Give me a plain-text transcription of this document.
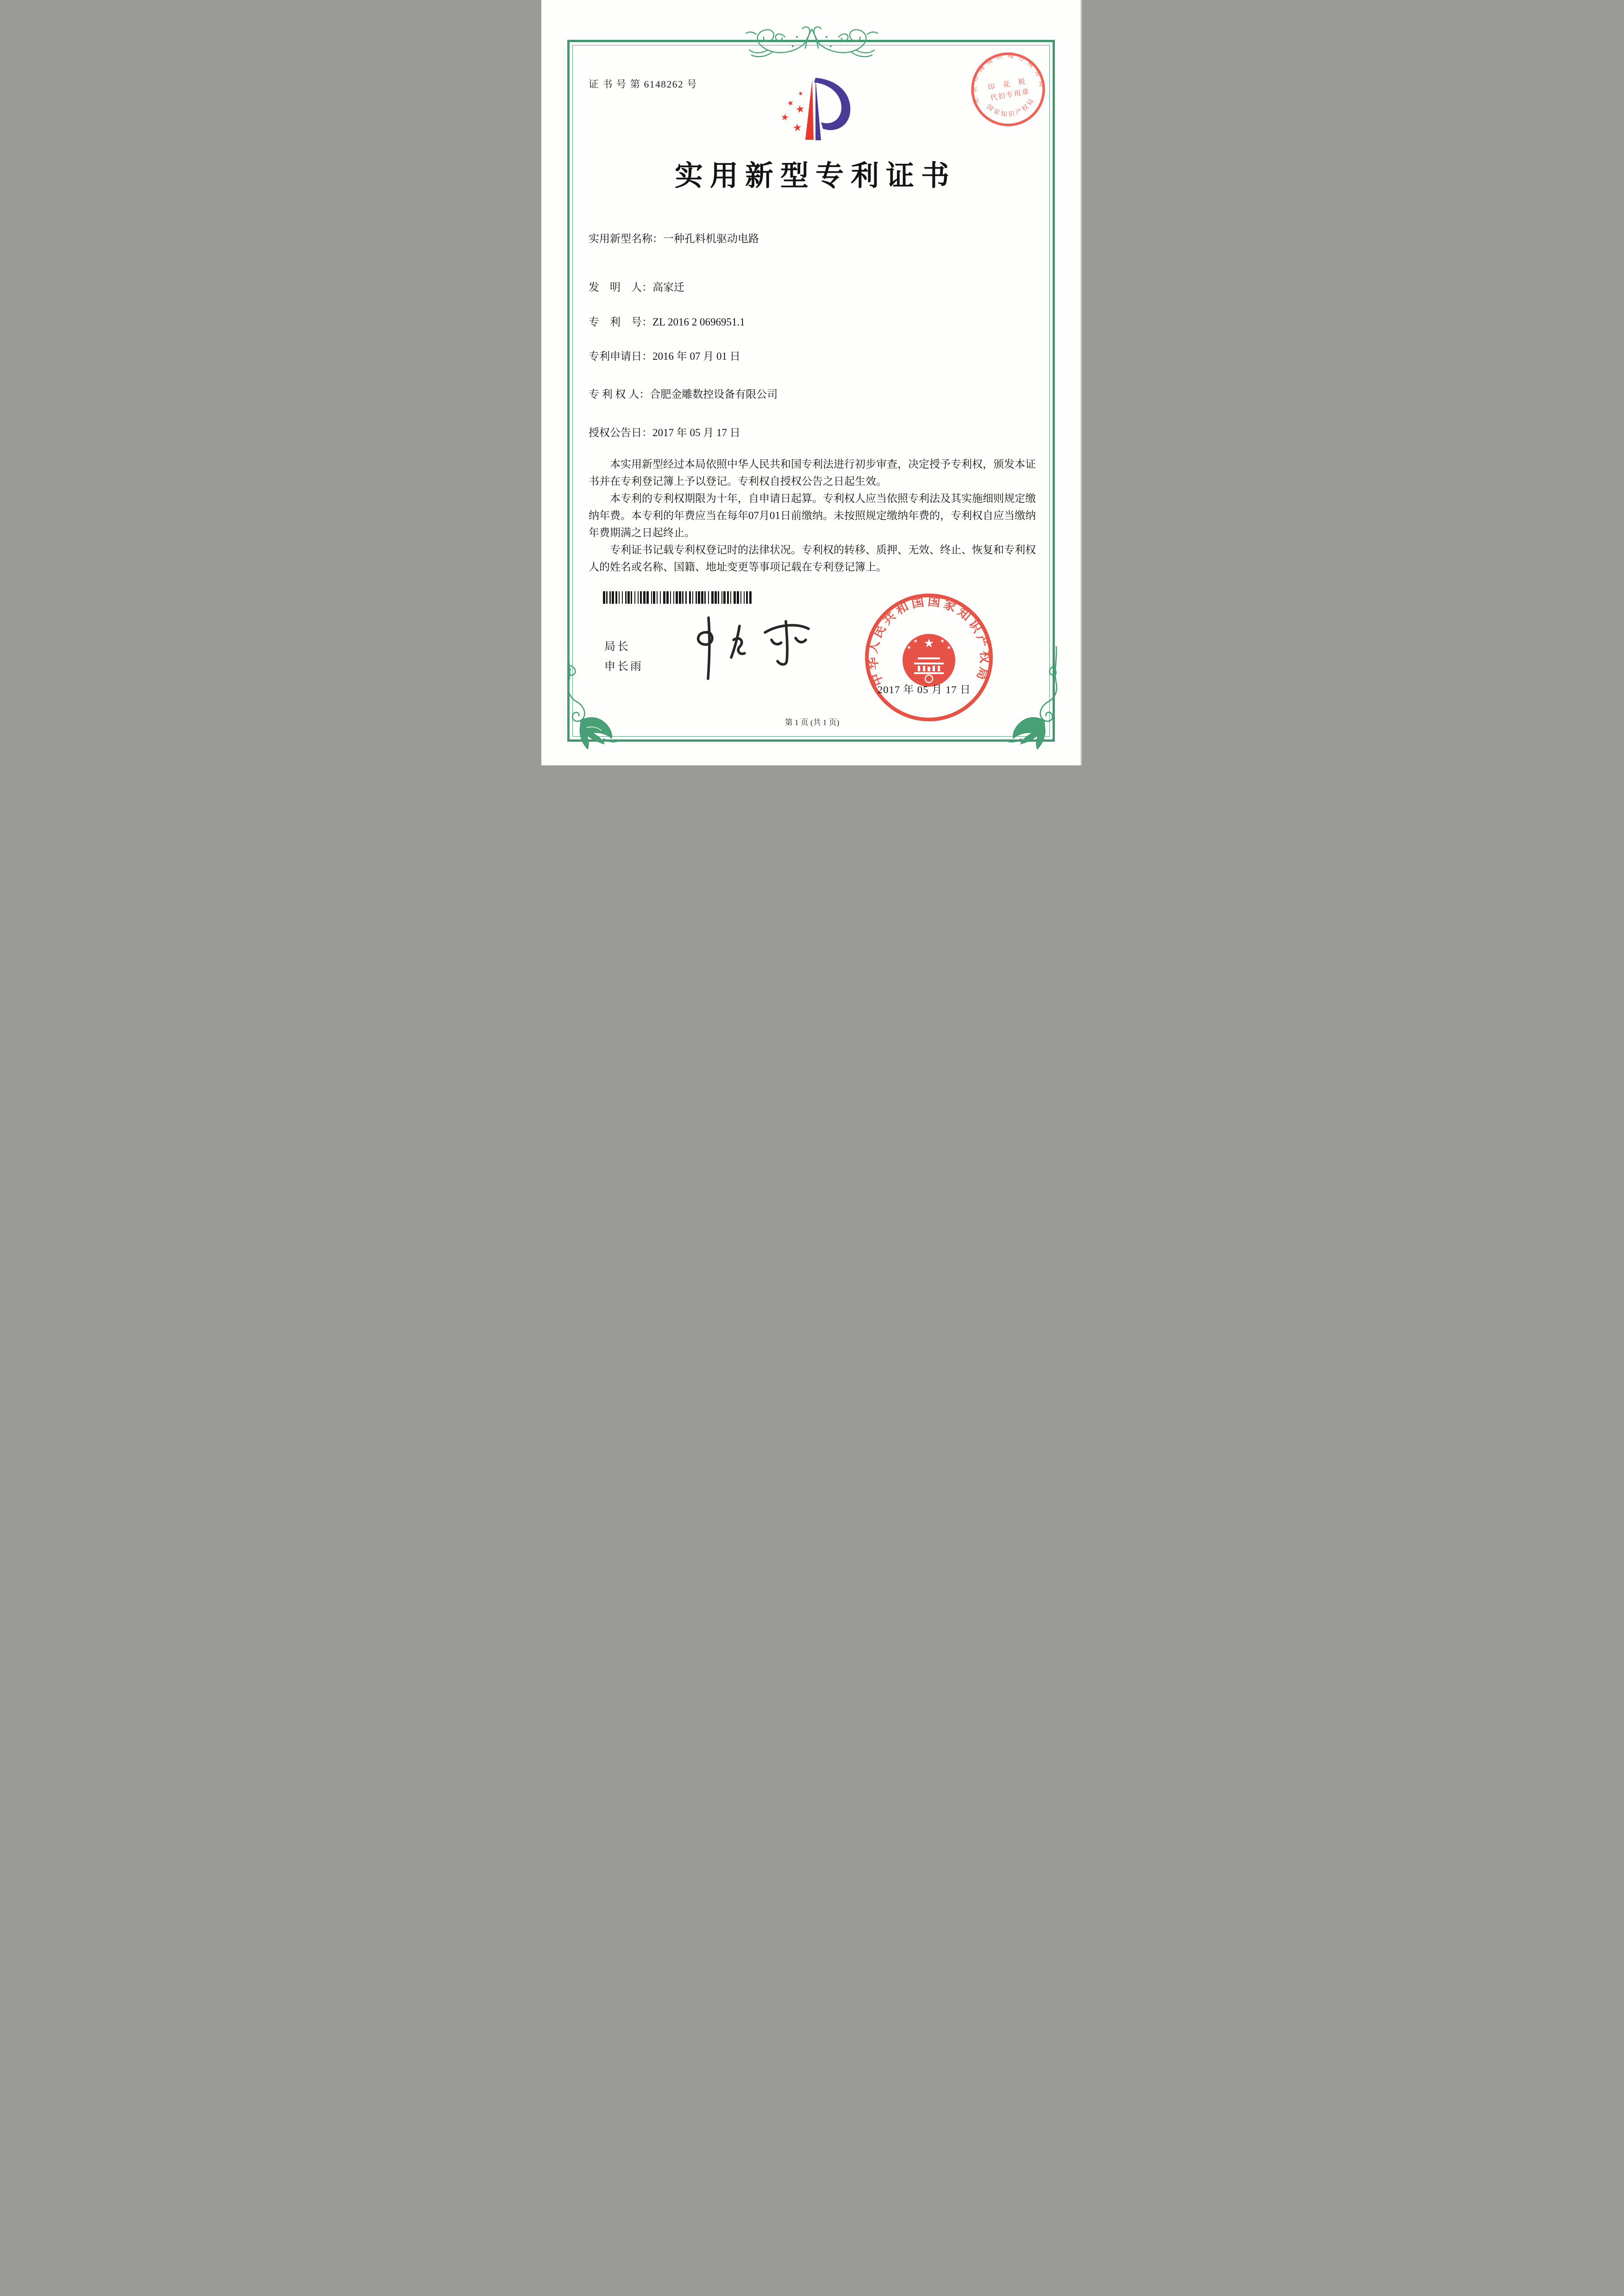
证 书 号 第 6148262 号
★
★ ★
★
★
北京市海淀区地方税务局
印 花 税
代扣专用章
国家知识产权局
实用新型专利证书
实用新型名称：一种孔料机驱动电路
发　明　人：高家迁
专　利　号：ZL 2016 2 0696951.1
专利申请日：2016 年 07 月 01 日
专 利 权 人：合肥金雕数控设备有限公司
授权公告日：2017 年 05 月 17 日

本实用新型经过本局依照中华人民共和国专利法进行初步审查，决定授予专利权，颁发本证书并在专利登记簿上予以登记。专利权自授权公告之日起生效。

本专利的专利权期限为十年，自申请日起算。专利权人应当依照专利法及其实施细则规定缴纳年费。本专利的年费应当在每年07月01日前缴纳。未按照规定缴纳年费的，专利权自应当缴纳年费期满之日起终止。

专利证书记载专利权登记时的法律状况。专利权的转移、质押、无效、终止、恢复和专利权人的姓名或名称、国籍、地址变更等事项记载在专利登记簿上。

局长
申长雨
中华人民共和国国家知识产权局
★
★
★
★
★
2017 年 05 月 17 日
第 1 页 (共 1 页)
